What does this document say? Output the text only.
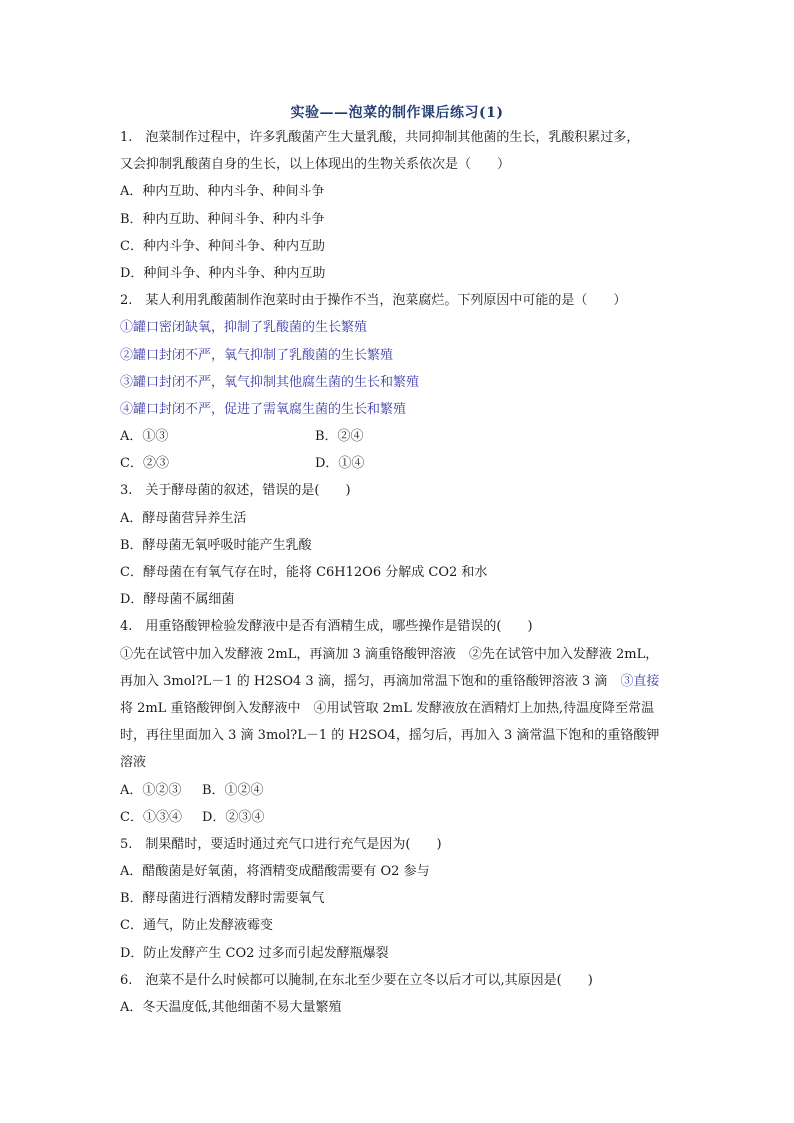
实验——泡菜的制作课后练习(1)
1.　泡菜制作过程中，许多乳酸菌产生大量乳酸，共同抑制其他菌的生长，乳酸积累过多，
又会抑制乳酸菌自身的生长，以上体现出的生物关系依次是（　　）
A．种内互助、种内斗争、种间斗争
B．种内互助、种间斗争、种内斗争
C．种内斗争、种间斗争、种内互助
D．种间斗争、种内斗争、种内互助
2.　某人利用乳酸菌制作泡菜时由于操作不当，泡菜腐烂。下列原因中可能的是（　　）
①罐口密闭缺氧，抑制了乳酸菌的生长繁殖
②罐口封闭不严，氧气抑制了乳酸菌的生长繁殖
③罐口封闭不严，氧气抑制其他腐生菌的生长和繁殖
④罐口封闭不严，促进了需氧腐生菌的生长和繁殖
A．①③	B．②④
C．②③	D．①④
3.　关于酵母菌的叙述，错误的是(　　)
A．酵母菌营异养生活
B．酵母菌无氧呼吸时能产生乳酸
C．酵母菌在有氧气存在时，能将 C6H12O6 分解成 CO2 和水
D．酵母菌不属细菌
4.　用重铬酸钾检验发酵液中是否有酒精生成，哪些操作是错误的(　　)
①先在试管中加入发酵液 2mL，再滴加 3 滴重铬酸钾溶液　②先在试管中加入发酵液 2mL，
再加入 3mol?L－1 的 H2SO4 3 滴，摇匀，再滴加常温下饱和的重铬酸钾溶液 3 滴　③直接
将 2mL 重铬酸钾倒入发酵液中　④用试管取 2mL 发酵液放在酒精灯上加热,待温度降至常温
时，再往里面加入 3 滴 3mol?L－1 的 H2SO4，摇匀后，再加入 3 滴常温下饱和的重铬酸钾
溶液
A．①②③	B．①②④
C．①③④	D．②③④
5.　制果醋时，要适时通过充气口进行充气是因为(　　)
A．醋酸菌是好氧菌，将酒精变成醋酸需要有 O2 参与
B．酵母菌进行酒精发酵时需要氧气
C．通气，防止发酵液霉变
D．防止发酵产生 CO2 过多而引起发酵瓶爆裂
6.　泡菜不是什么时候都可以腌制,在东北至少要在立冬以后才可以,其原因是(　　)
A．冬天温度低,其他细菌不易大量繁殖
